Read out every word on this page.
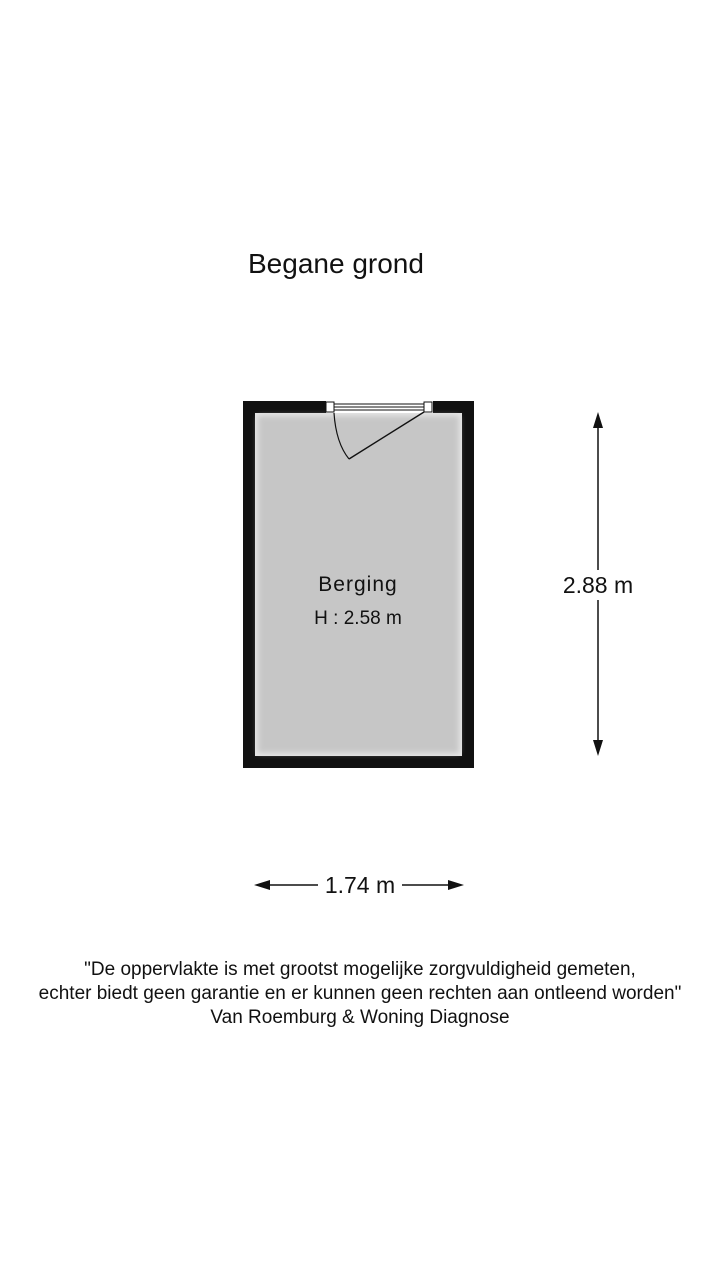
Begane grond
Berging
H : 2.58 m
2.88 m
1.74 m
"De oppervlakte is met grootst mogelijke zorgvuldigheid gemeten,
echter biedt geen garantie en er kunnen geen rechten aan ontleend worden"
Van Roemburg & Woning Diagnose
